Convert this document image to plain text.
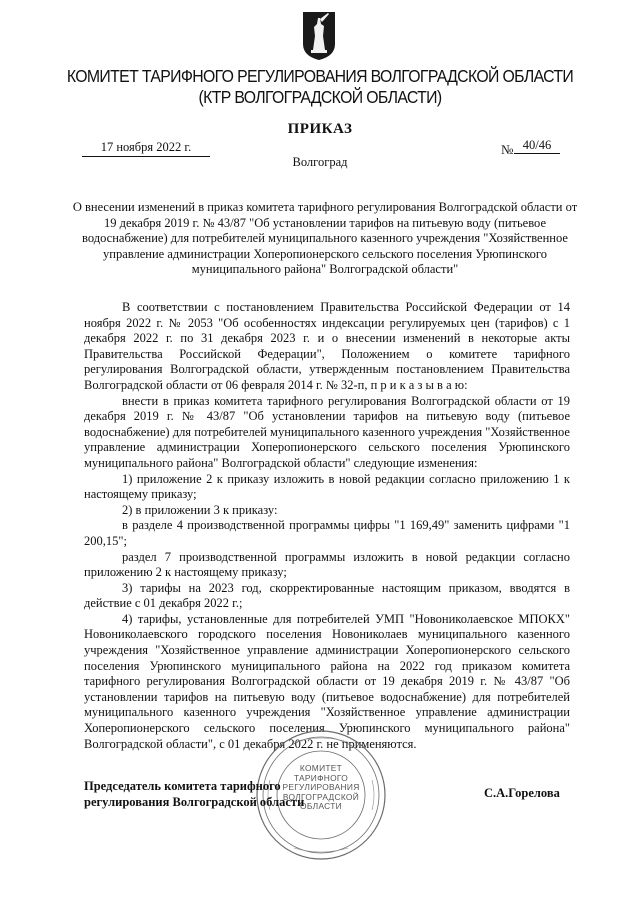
КОМИТЕТ ТАРИФНОГО РЕГУЛИРОВАНИЯ ВОЛГОГРАДСКОЙ ОБЛАСТИ
(КТР ВОЛГОГРАДСКОЙ ОБЛАСТИ)
ПРИКАЗ
17 ноября 2022 г.	№ 40/46
Волгоград
О внесении изменений в приказ комитета тарифного регулирования Волгоградской области от 19 декабря 2019 г. № 43/87 "Об установлении тарифов на питьевую воду (питьевое водоснабжение) для потребителей муниципального казенного учреждения "Хозяйственное управление администрации Хоперопионерского сельского поселения Урюпинского муниципального района" Волгоградской области"

В соответствии с постановлением Правительства Российской Федерации от 14 ноября 2022 г. № 2053 "Об особенностях индексации регулируемых цен (тарифов) с 1 декабря 2022 г. по 31 декабря 2023 г. и о внесении изменений в некоторые акты Правительства Российской Федерации", Положением о комитете тарифного регулирования Волгоградской области, утвержденным постановлением Правительства Волгоградской области от 06 февраля 2014 г. № 32-п, п р и к а з ы в а ю:

внести в приказ комитета тарифного регулирования Волгоградской области от 19 декабря 2019 г. № 43/87 "Об установлении тарифов на питьевую воду (питьевое водоснабжение) для потребителей муниципального казенного учреждения "Хозяйственное управление администрации Хоперопионерского сельского поселения Урюпинского муниципального района" Волгоградской области" следующие изменения:

1) приложение 2 к приказу изложить в новой редакции согласно приложению 1 к настоящему приказу;

2) в приложении 3 к приказу:

в разделе 4 производственной программы цифры "1 169,49" заменить цифрами "1 200,15";

раздел 7 производственной программы изложить в новой редакции согласно приложению 2 к настоящему приказу;

3) тарифы на 2023 год, скорректированные настоящим приказом, вводятся в действие с 01 декабря 2022 г.;

4) тарифы, установленные для потребителей УМП "Новониколаевское МПОКХ" Новониколаевского городского поселения Новониколаев муниципального казенного учреждения "Хозяйственное управление администрации Хоперопионерского сельского поселения Урюпинского муниципального района на 2022 год приказом комитета тарифного регулирования Волгоградской области от 19 декабря 2019 г. № 43/87 "Об установлении тарифов на питьевую воду (питьевое водоснабжение) для потребителей муниципального казенного учреждения "Хозяйственное управление администрации Хоперопионерского сельского поселения Урюпинского муниципального района" Волгоградской области", с 01 декабря 2022 г. не применяются.

КОМИТЕТ
ТАРИФНОГО
РЕГУЛИРОВАНИЯ
ВОЛГОГРАДСКОЙ
ОБЛАСТИ
Председатель комитета тарифного
регулирования Волгоградской области
С.А.Горелова
